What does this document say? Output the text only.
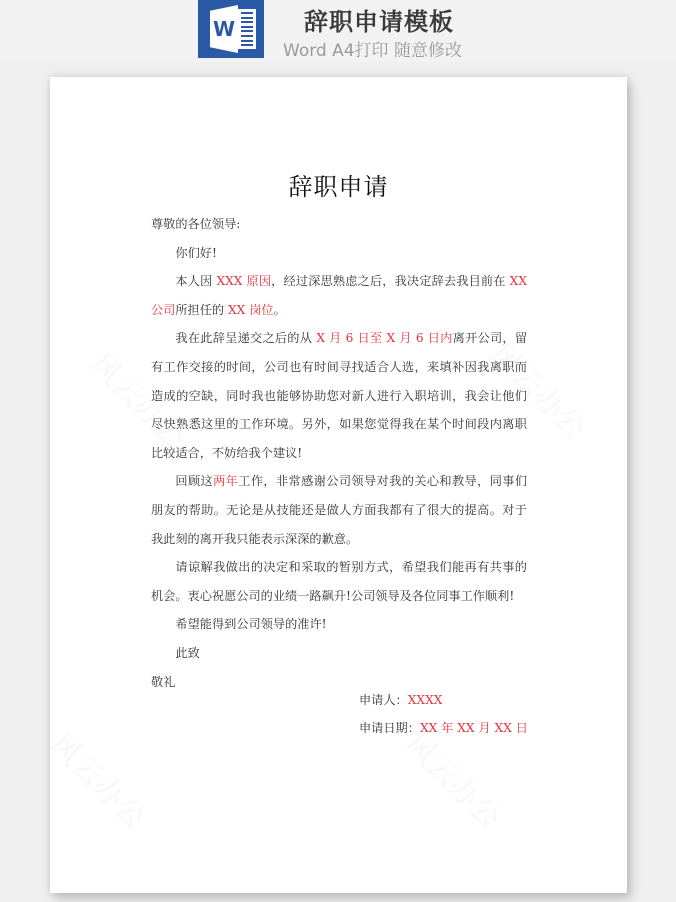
W	辞职申请模板
Word A4打印 随意修改
辞职申请

尊敬的各位领导:

你们好!

本人因 XXX 原因，经过深思熟虑之后，我决定辞去我目前在 XX 公司所担任的 XX 岗位。

我在此辞呈递交之后的从 X 月 6 日至 X 月 6 日内离开公司，留有工作交接的时间，公司也有时间寻找适合人选，来填补因我离职而造成的空缺，同时我也能够协助您对新人进行入职培训，我会让他们尽快熟悉这里的工作环境。另外，如果您觉得我在某个时间段内离职比较适合，不妨给我个建议!

回顾这两年工作，非常感谢公司领导对我的关心和教导，同事们朋友的帮助。无论是从技能还是做人方面我都有了很大的提高。对于我此刻的离开我只能表示深深的歉意。

请谅解我做出的决定和采取的暂别方式，希望我们能再有共事的机会。衷心祝愿公司的业绩一路飙升!公司领导及各位同事工作顺利!

希望能得到公司领导的准许!

此致

敬礼

申请人：XXXX
申请日期：XX 年 XX 月 XX 日
